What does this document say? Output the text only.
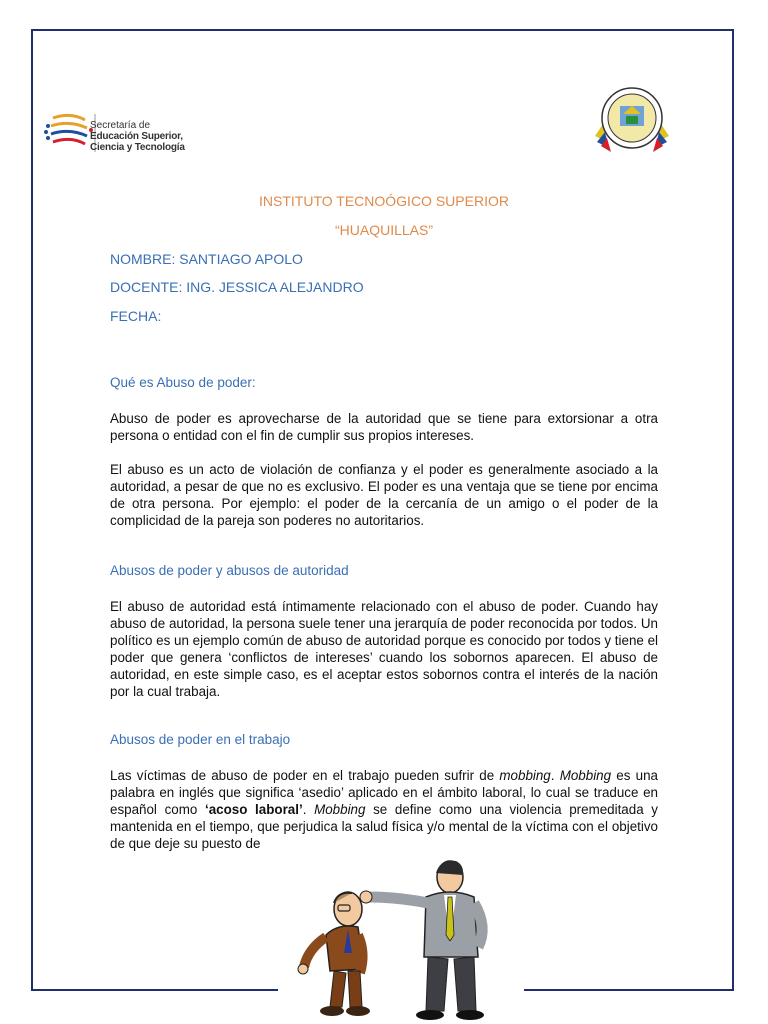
Secretaría de
Educación Superior,
Ciencia y Tecnología
INSTITUTO TECNOÓGICO SUPERIOR
“HUAQUILLAS”
NOMBRE: SANTIAGO APOLO
DOCENTE: ING. JESSICA ALEJANDRO
FECHA:
Qué es Abuso de poder:
Abuso de poder es aprovecharse de la autoridad que se tiene para extorsionar a otra persona o entidad con el fin de cumplir sus propios intereses.
El abuso es un acto de violación de confianza y el poder es generalmente asociado a la autoridad, a pesar de que no es exclusivo. El poder es una ventaja que se tiene por encima de otra persona. Por ejemplo: el poder de la cercanía de un amigo o el poder de la complicidad de la pareja son poderes no autoritarios.
Abusos de poder y abusos de autoridad
El abuso de autoridad está íntimamente relacionado con el abuso de poder. Cuando hay abuso de autoridad, la persona suele tener una jerarquía de poder reconocida por todos. Un político es un ejemplo común de abuso de autoridad porque es conocido por todos y tiene el poder que genera ‘conflictos de intereses’ cuando los sobornos aparecen. El abuso de autoridad, en este simple caso, es el aceptar estos sobornos contra el interés de la nación por la cual trabaja.
Abusos de poder en el trabajo
Las víctimas de abuso de poder en el trabajo pueden sufrir de mobbing. Mobbing es una palabra en inglés que significa ‘asedio’ aplicado en el ámbito laboral, lo cual se traduce en español como ‘acoso laboral’. Mobbing se define como una violencia premeditada y mantenida en el tiempo, que perjudica la salud física y/o mental de la víctima con el objetivo de que deje su puesto de
